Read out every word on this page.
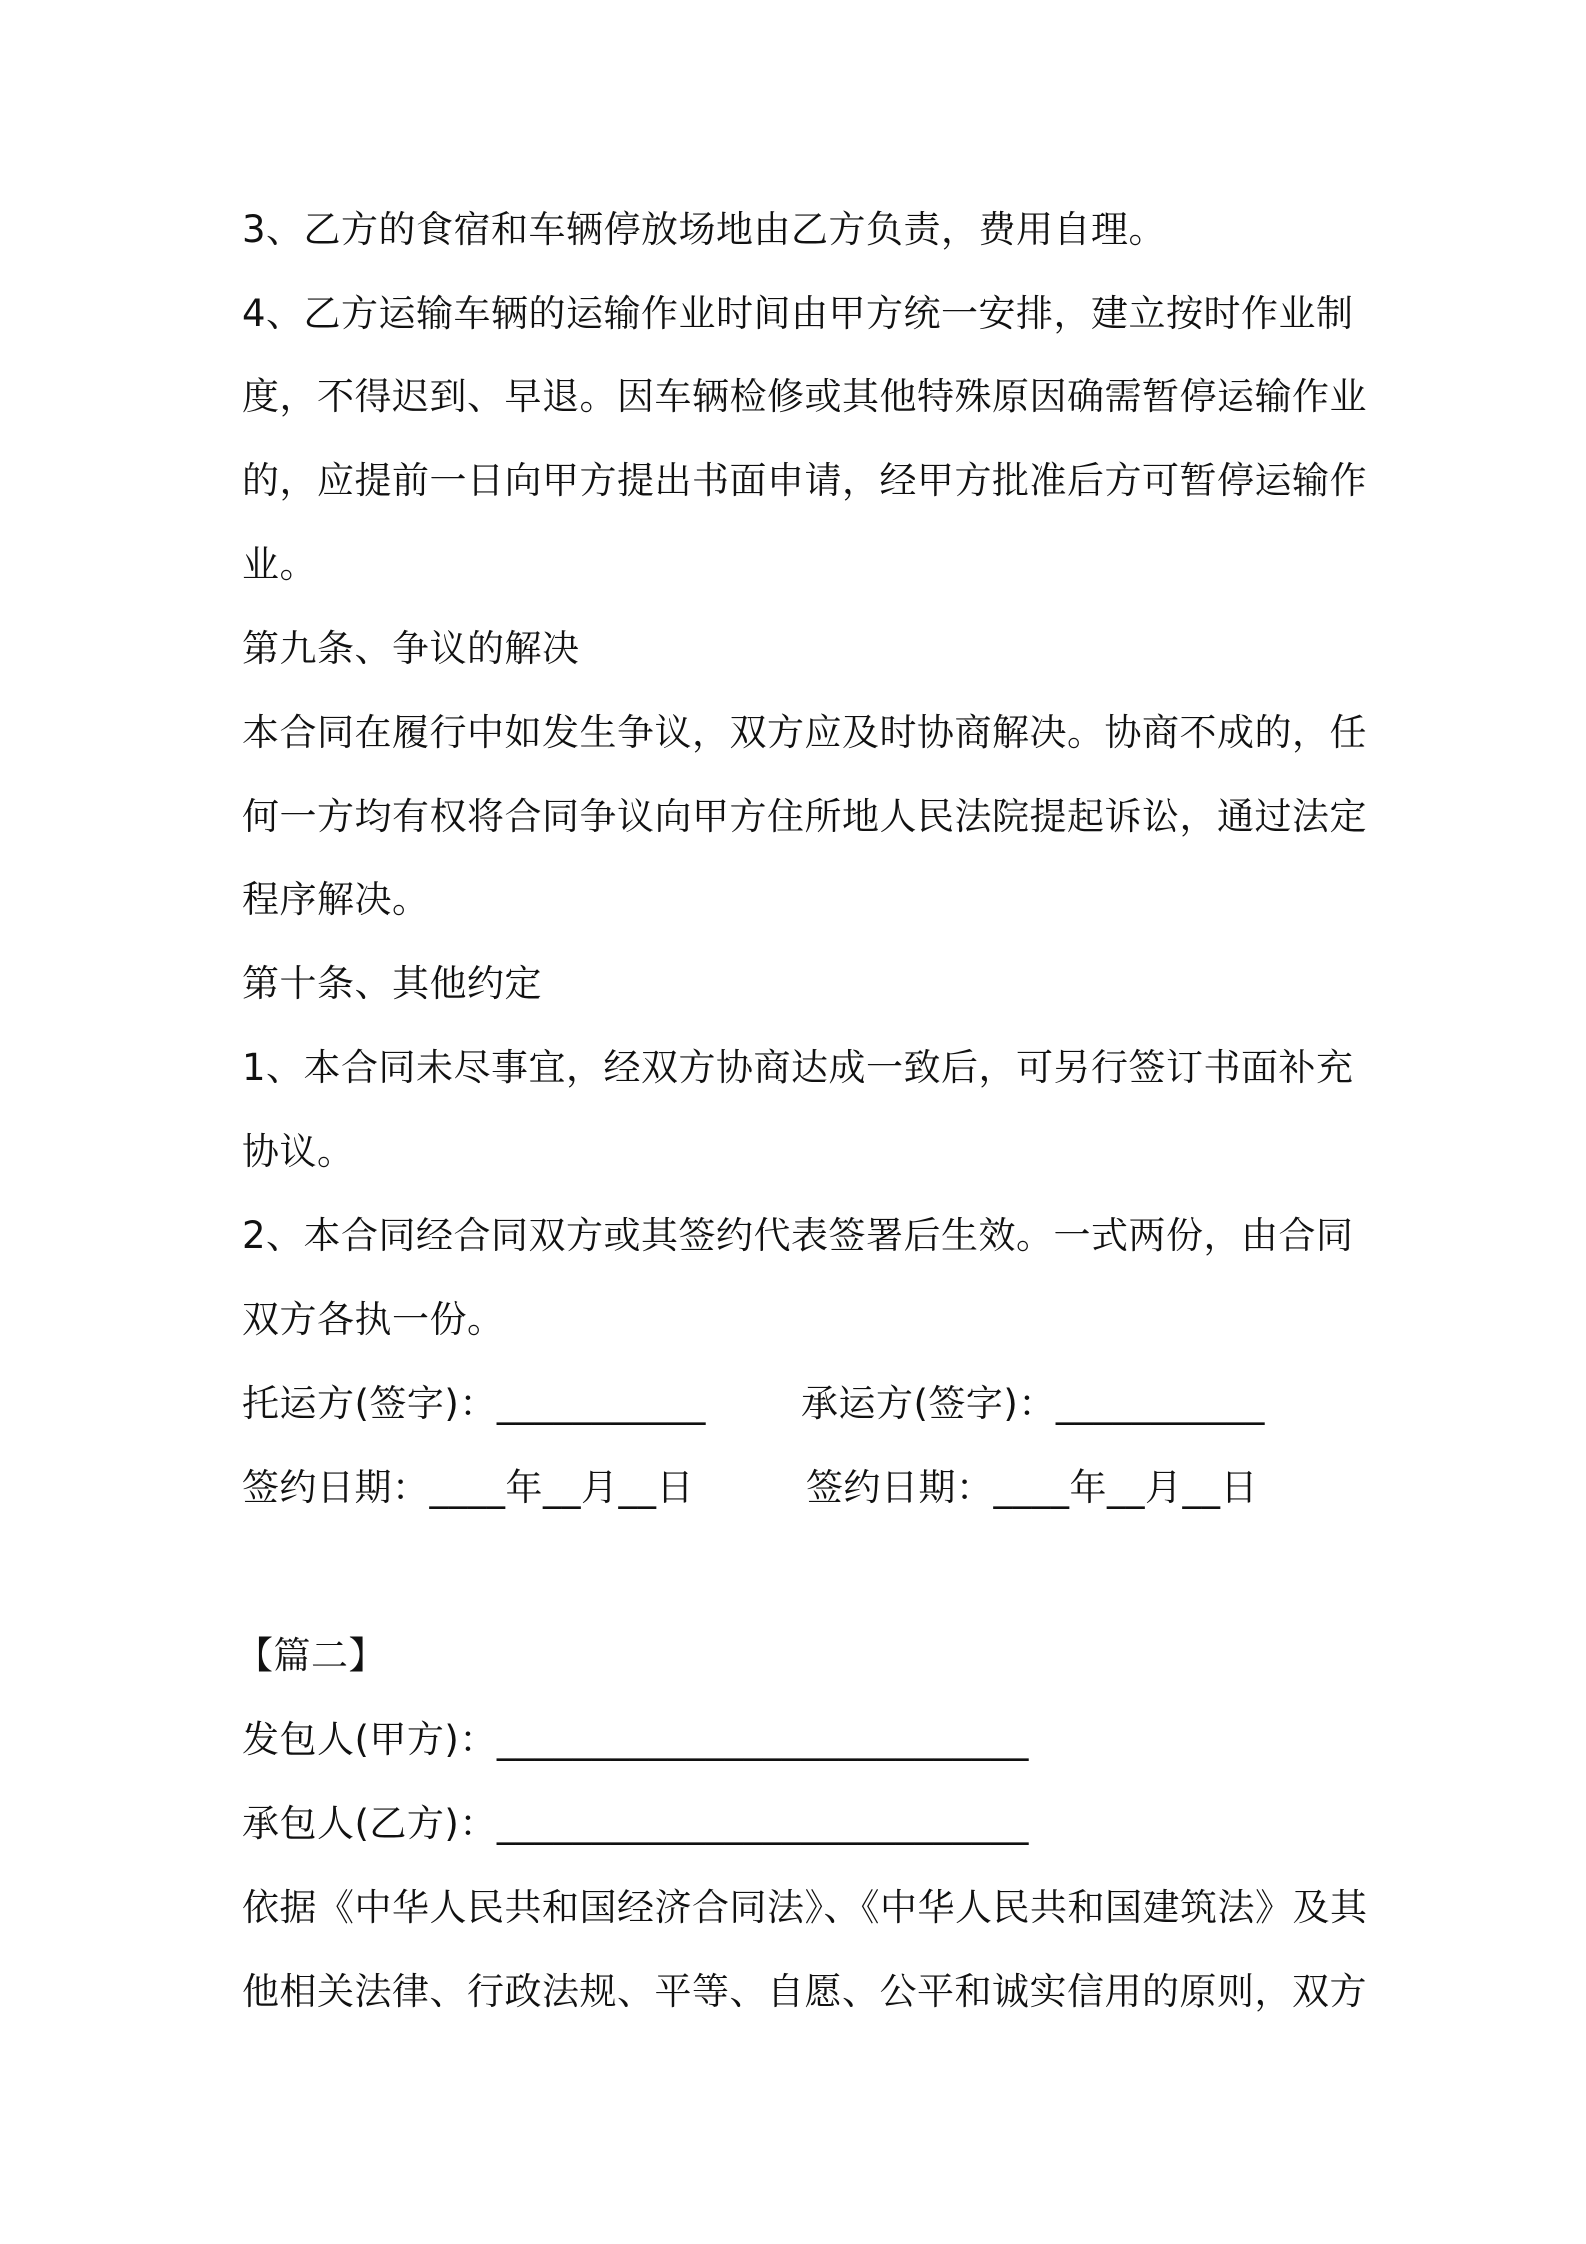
3、乙方的食宿和车辆停放场地由乙方负责，费用自理。
4、乙方运输车辆的运输作业时间由甲方统一安排，建立按时作业制
度，不得迟到、早退。因车辆检修或其他特殊原因确需暂停运输作业
的，应提前一日向甲方提出书面申请，经甲方批准后方可暂停运输作
业。
第九条、争议的解决
本合同在履行中如发生争议，双方应及时协商解决。协商不成的，任
何一方均有权将合同争议向甲方住所地人民法院提起诉讼，通过法定
程序解决。
第十条、其他约定
1、本合同未尽事宜，经双方协商达成一致后，可另行签订书面补充
协议。
2、本合同经合同双方或其签约代表签署后生效。一式两份，由合同
双方各执一份。
托运方(签字)：___________	承运方(签字)：___________
签约日期：____年__月__日	签约日期：____年__月__日
【篇二】
发包人(甲方)：____________________________
承包人(乙方)：____________________________
依据《中华人民共和国经济合同法》、《中华人民共和国建筑法》及其
他相关法律、行政法规、平等、自愿、公平和诚实信用的原则，双方
